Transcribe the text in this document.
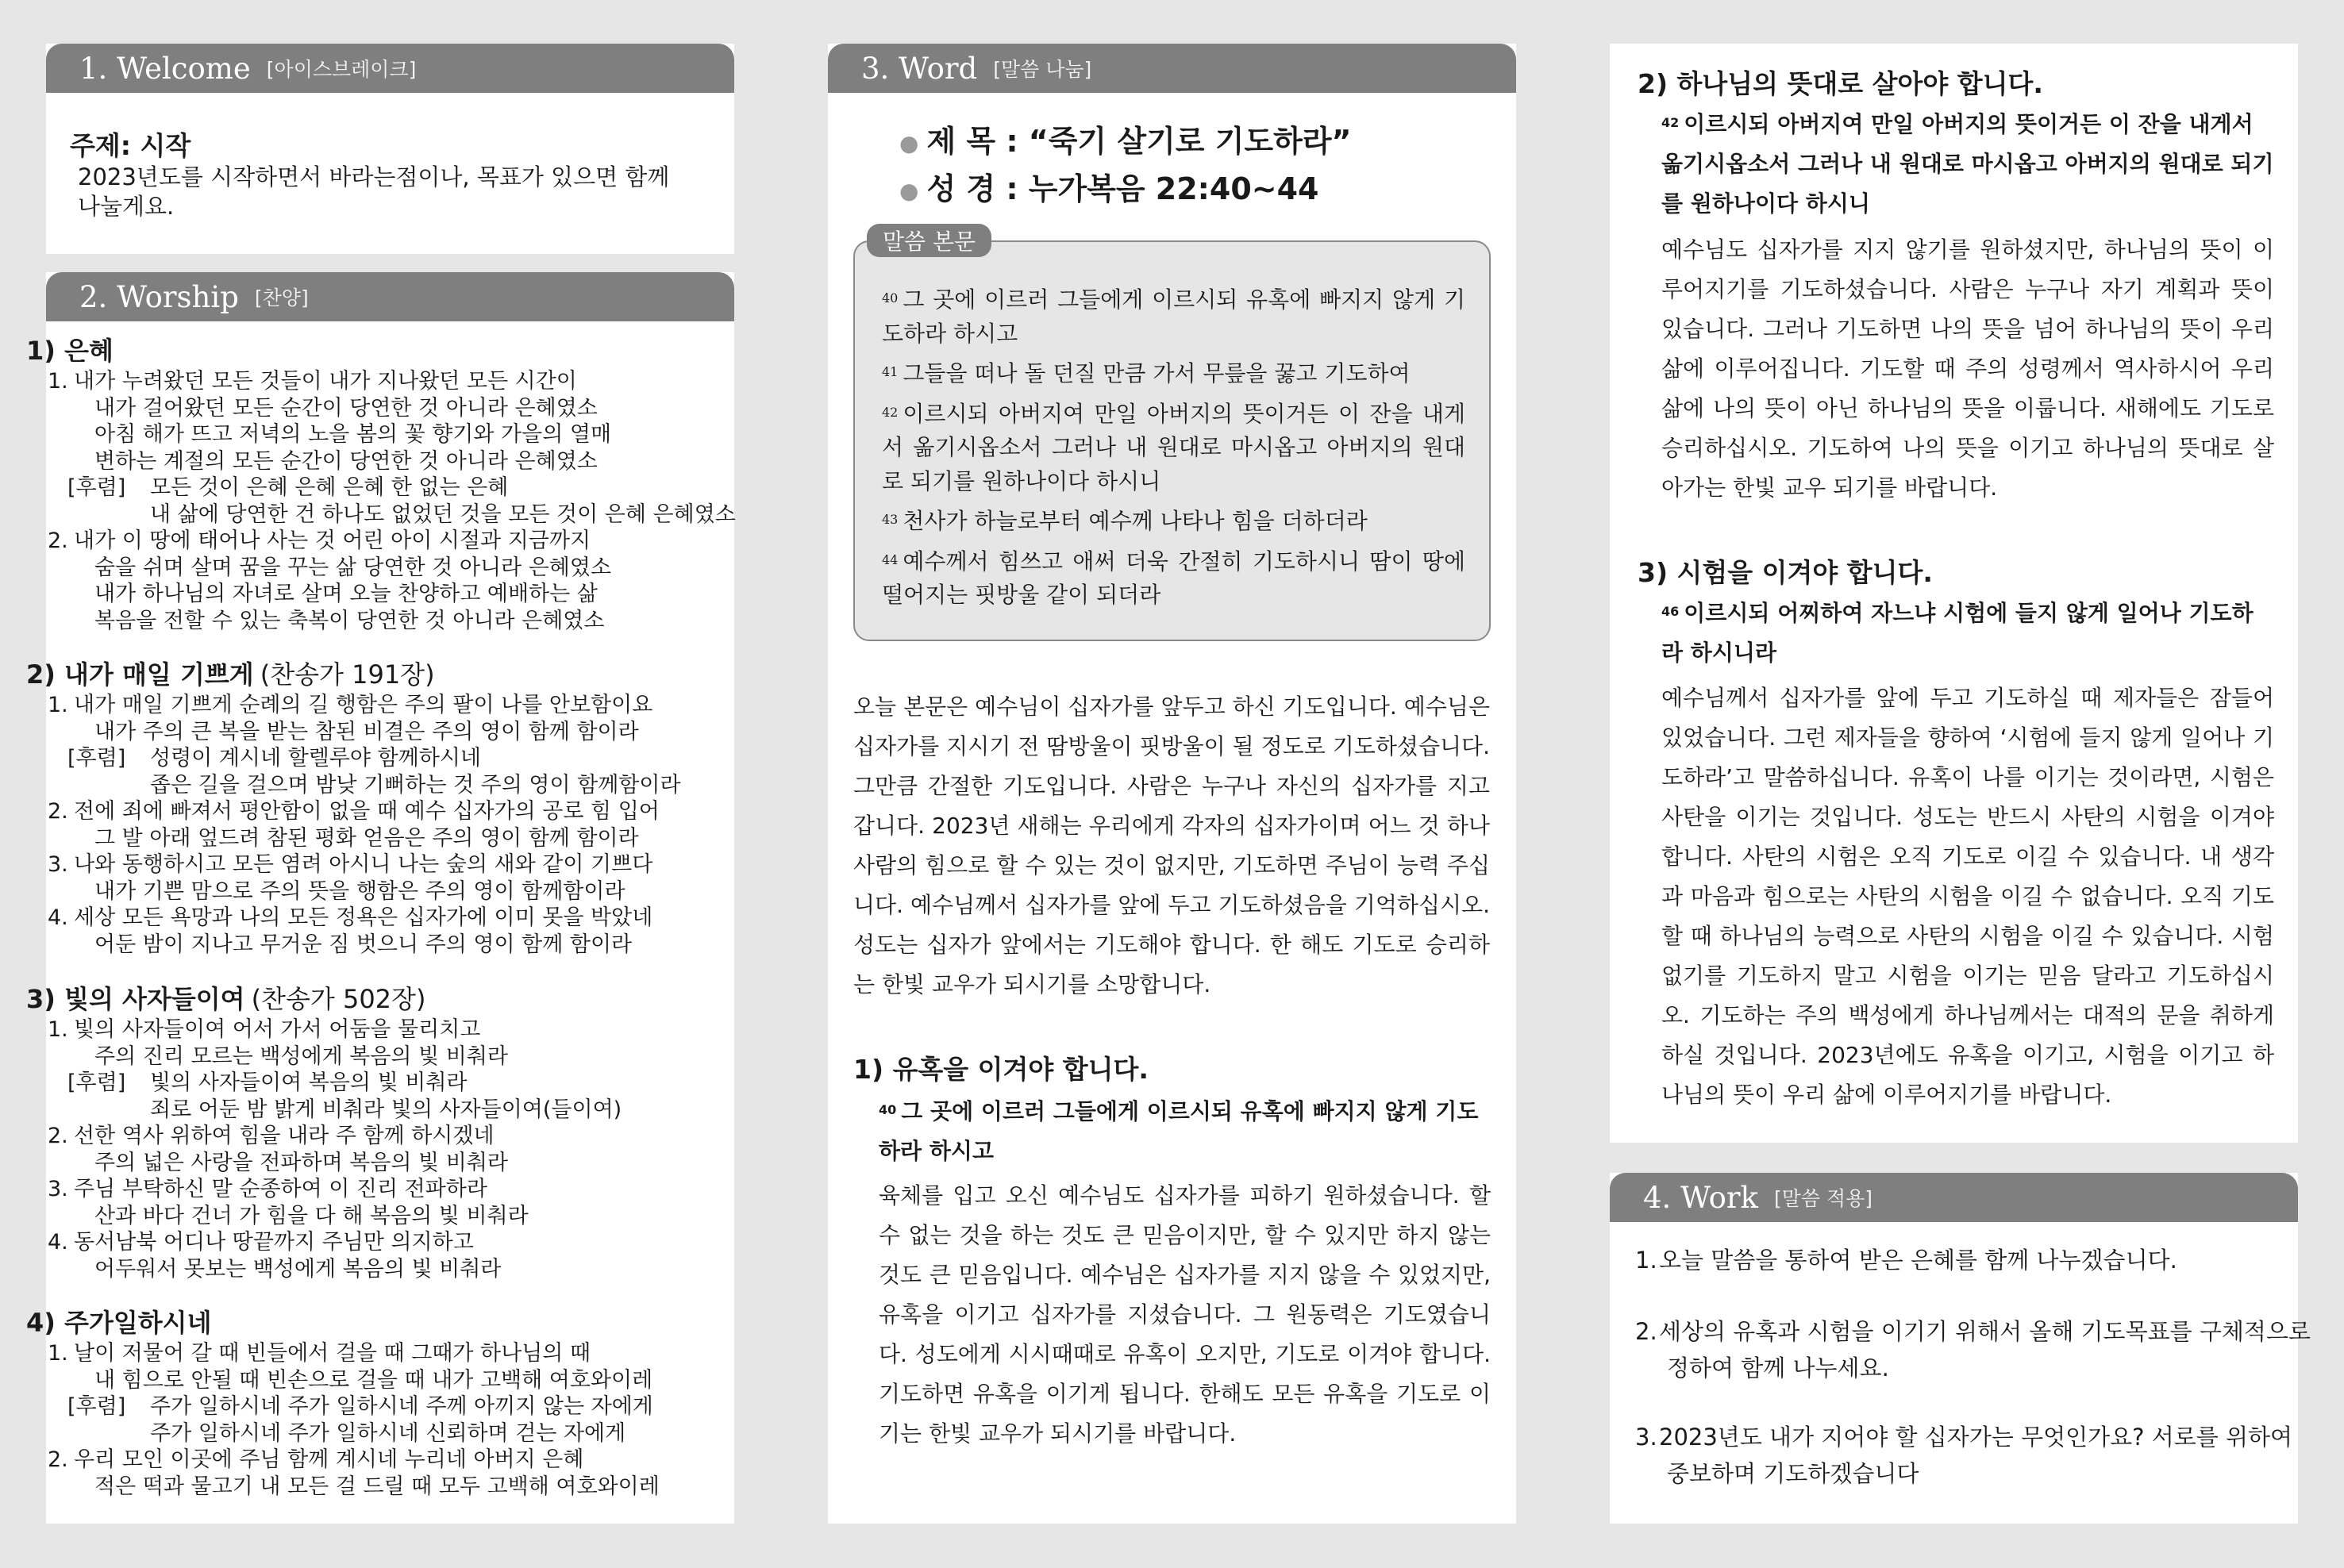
1. Welcome [아이스브레이크]
주제: 시작
2023년도를 시작하면서 바라는점이나, 목표가 있으면 함께
나눌게요.
2. Worship [찬양]
1) 은혜
1. 내가 누려왔던 모든 것들이 내가 지나왔던 모든 시간이
내가 걸어왔던 모든 순간이 당연한 것 아니라 은혜였소
아침 해가 뜨고 저녁의 노을 봄의 꽃 향기와 가을의 열매
변하는 계절의 모든 순간이 당연한 것 아니라 은혜였소
[후렴] 모든 것이 은혜 은혜 은혜 한 없는 은혜
내 삶에 당연한 건 하나도 없었던 것을 모든 것이 은혜 은혜였소
2. 내가 이 땅에 태어나 사는 것 어린 아이 시절과 지금까지
숨을 쉬며 살며 꿈을 꾸는 삶 당연한 것 아니라 은혜였소
내가 하나님의 자녀로 살며 오늘 찬양하고 예배하는 삶
복음을 전할 수 있는 축복이 당연한 것 아니라 은혜였소
2) 내가 매일 기쁘게 (찬송가 191장)
1. 내가 매일 기쁘게 순례의 길 행함은 주의 팔이 나를 안보함이요
내가 주의 큰 복을 받는 참된 비결은 주의 영이 함께 함이라
[후렴] 성령이 계시네 할렐루야 함께하시네
좁은 길을 걸으며 밤낮 기뻐하는 것 주의 영이 함께함이라
2. 전에 죄에 빠져서 평안함이 없을 때 예수 십자가의 공로 힘 입어
그 발 아래 엎드려 참된 평화 얻음은 주의 영이 함께 함이라
3. 나와 동행하시고 모든 염려 아시니 나는 숲의 새와 같이 기쁘다
내가 기쁜 맘으로 주의 뜻을 행함은 주의 영이 함께함이라
4. 세상 모든 욕망과 나의 모든 정욕은 십자가에 이미 못을 박았네
어둔 밤이 지나고 무거운 짐 벗으니 주의 영이 함께 함이라
3) 빛의 사자들이여 (찬송가 502장)
1. 빛의 사자들이여 어서 가서 어둠을 물리치고
주의 진리 모르는 백성에게 복음의 빛 비춰라
[후렴] 빛의 사자들이여 복음의 빛 비춰라
죄로 어둔 밤 밝게 비춰라 빛의 사자들이여(들이여)
2. 선한 역사 위하여 힘을 내라 주 함께 하시겠네
주의 넓은 사랑을 전파하며 복음의 빛 비춰라
3. 주님 부탁하신 말 순종하여 이 진리 전파하라
산과 바다 건너 가 힘을 다 해 복음의 빛 비춰라
4. 동서남북 어디나 땅끝까지 주님만 의지하고
어두워서 못보는 백성에게 복음의 빛 비춰라
4) 주가일하시네
1. 날이 저물어 갈 때 빈들에서 걸을 때 그때가 하나님의 때
내 힘으로 안될 때 빈손으로 걸을 때 내가 고백해 여호와이레
[후렴] 주가 일하시네 주가 일하시네 주께 아끼지 않는 자에게
주가 일하시네 주가 일하시네 신뢰하며 걷는 자에게
2. 우리 모인 이곳에 주님 함께 계시네 누리네 아버지 은혜
적은 떡과 물고기 내 모든 걸 드릴 때 모두 고백해 여호와이레
3. Word [말씀 나눔]
● 제 목 : “죽기 살기로 기도하라”
● 성 경 : 누가복음 22:40~44
$^{40}$ 그 곳에 이르러 그들에게 이르시되 유혹에 빠지지 않게 기도하라 하시고
$^{41}$ 그들을 떠나 돌 던질 만큼 가서 무릎을 꿇고 기도하여
$^{42}$ 이르시되 아버지여 만일 아버지의 뜻이거든 이 잔을 내게서 옮기시옵소서 그러나 내 원대로 마시옵고 아버지의 원대로 되기를 원하나이다 하시니
$^{43}$ 천사가 하늘로부터 예수께 나타나 힘을 더하더라
$^{44}$ 예수께서 힘쓰고 애써 더욱 간절히 기도하시니 땀이 땅에 떨어지는 핏방울 같이 되더라
말씀 본문
오늘 본문은 예수님이 십자가를 앞두고 하신 기도입니다. 예수님은 십자가를 지시기 전 땀방울이 핏방울이 될 정도로 기도하셨습니다. 그만큼 간절한 기도입니다. 사람은 누구나 자신의 십자가를 지고 갑니다. 2023년 새해는 우리에게 각자의 십자가이며 어느 것 하나 사람의 힘으로 할 수 있는 것이 없지만, 기도하면 주님이 능력 주십니다. 예수님께서 십자가를 앞에 두고 기도하셨음을 기억하십시오. 성도는 십자가 앞에서는 기도해야 합니다. 한 해도 기도로 승리하는 한빛 교우가 되시기를 소망합니다.
1) 유혹을 이겨야 합니다.
$^{40}$ 그 곳에 이르러 그들에게 이르시되 유혹에 빠지지 않게 기도하라 하시고
육체를 입고 오신 예수님도 십자가를 피하기 원하셨습니다. 할 수 없는 것을 하는 것도 큰 믿음이지만, 할 수 있지만 하지 않는 것도 큰 믿음입니다. 예수님은 십자가를 지지 않을 수 있었지만, 유혹을 이기고 십자가를 지셨습니다. 그 원동력은 기도였습니다. 성도에게 시시때때로 유혹이 오지만, 기도로 이겨야 합니다. 기도하면 유혹을 이기게 됩니다. 한해도 모든 유혹을 기도로 이기는 한빛 교우가 되시기를 바랍니다.
2) 하나님의 뜻대로 살아야 합니다.
$^{42}$ 이르시되 아버지여 만일 아버지의 뜻이거든 이 잔을 내게서 옮기시옵소서 그러나 내 원대로 마시옵고 아버지의 원대로 되기를 원하나이다 하시니
예수님도 십자가를 지지 않기를 원하셨지만, 하나님의 뜻이 이루어지기를 기도하셨습니다. 사람은 누구나 자기 계획과 뜻이 있습니다. 그러나 기도하면 나의 뜻을 넘어 하나님의 뜻이 우리 삶에 이루어집니다. 기도할 때 주의 성령께서 역사하시어 우리 삶에 나의 뜻이 아닌 하나님의 뜻을 이룹니다. 새해에도 기도로 승리하십시오. 기도하여 나의 뜻을 이기고 하나님의 뜻대로 살아가는 한빛 교우 되기를 바랍니다.
3) 시험을 이겨야 합니다.
$^{46}$ 이르시되 어찌하여 자느냐 시험에 들지 않게 일어나 기도하라 하시니라
예수님께서 십자가를 앞에 두고 기도하실 때 제자들은 잠들어 있었습니다. 그런 제자들을 향하여 ‘시험에 들지 않게 일어나 기도하라’고 말씀하십니다. 유혹이 나를 이기는 것이라면, 시험은 사탄을 이기는 것입니다. 성도는 반드시 사탄의 시험을 이겨야 합니다. 사탄의 시험은 오직 기도로 이길 수 있습니다. 내 생각과 마음과 힘으로는 사탄의 시험을 이길 수 없습니다. 오직 기도할 때 하나님의 능력으로 사탄의 시험을 이길 수 있습니다. 시험 없기를 기도하지 말고 시험을 이기는 믿음 달라고 기도하십시오. 기도하는 주의 백성에게 하나님께서는 대적의 문을 취하게 하실 것입니다. 2023년에도 유혹을 이기고, 시험을 이기고 하나님의 뜻이 우리 삶에 이루어지기를 바랍니다.
4. Work [말씀 적용]
1.오늘 말씀을 통하여 받은 은혜를 함께 나누겠습니다.
2.세상의 유혹과 시험을 이기기 위해서 올해 기도목표를 구체적으로
정하여 함께 나누세요.
3.2023년도 내가 지어야 할 십자가는 무엇인가요? 서로를 위하여
중보하며 기도하겠습니다
